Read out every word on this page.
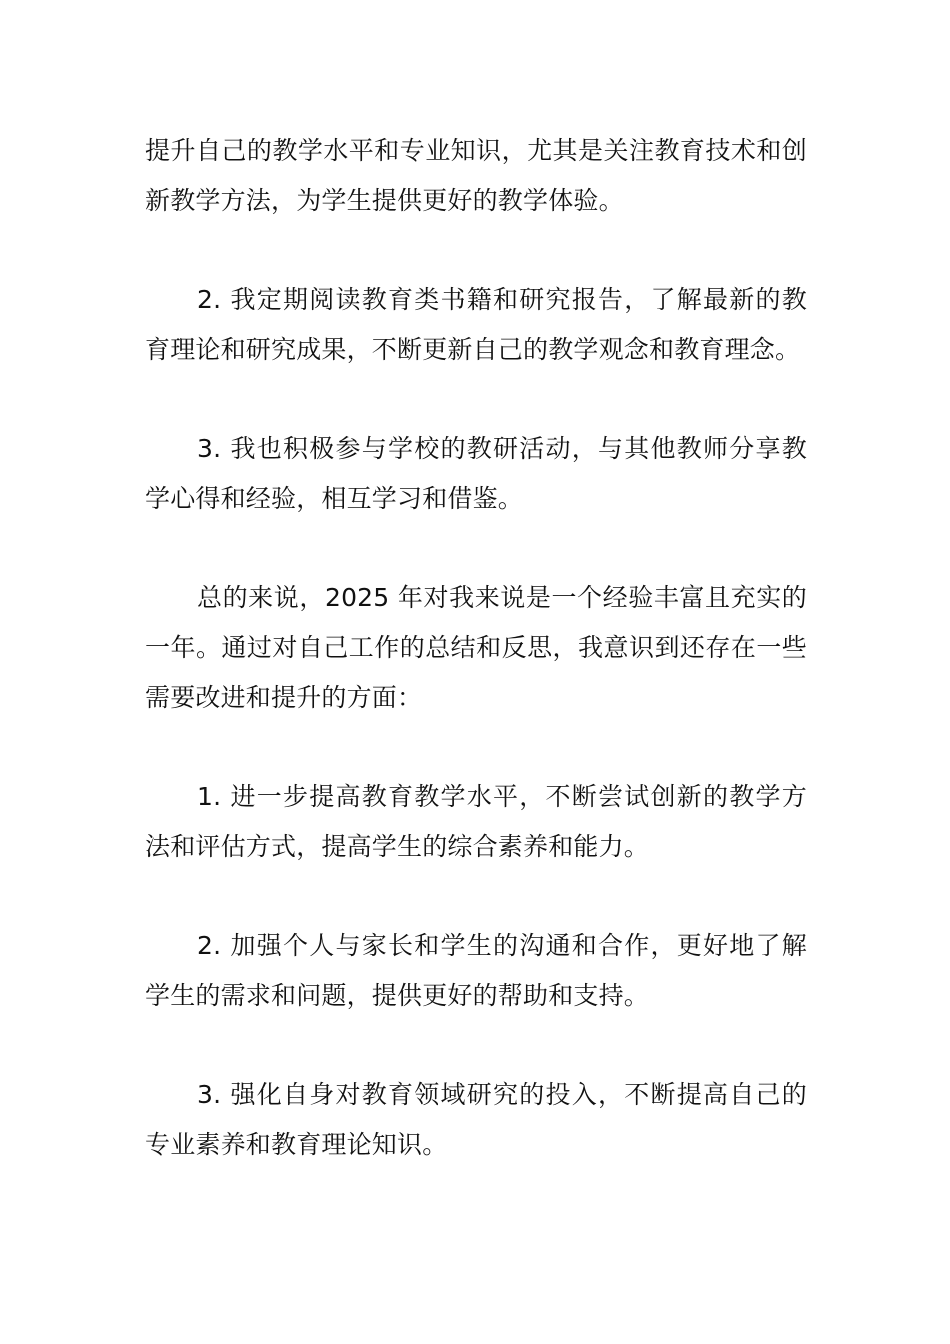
提升自己的教学水平和专业知识，尤其是关注教育技术和创新教学方法，为学生提供更好的教学体验。

2. 我定期阅读教育类书籍和研究报告，了解最新的教育理论和研究成果，不断更新自己的教学观念和教育理念。

3. 我也积极参与学校的教研活动，与其他教师分享教学心得和经验，相互学习和借鉴。

总的来说，2025 年对我来说是一个经验丰富且充实的一年。通过对自己工作的总结和反思，我意识到还存在一些需要改进和提升的方面：

1. 进一步提高教育教学水平，不断尝试创新的教学方法和评估方式，提高学生的综合素养和能力。

2. 加强个人与家长和学生的沟通和合作，更好地了解学生的需求和问题，提供更好的帮助和支持。

3. 强化自身对教育领域研究的投入，不断提高自己的专业素养和教育理论知识。
